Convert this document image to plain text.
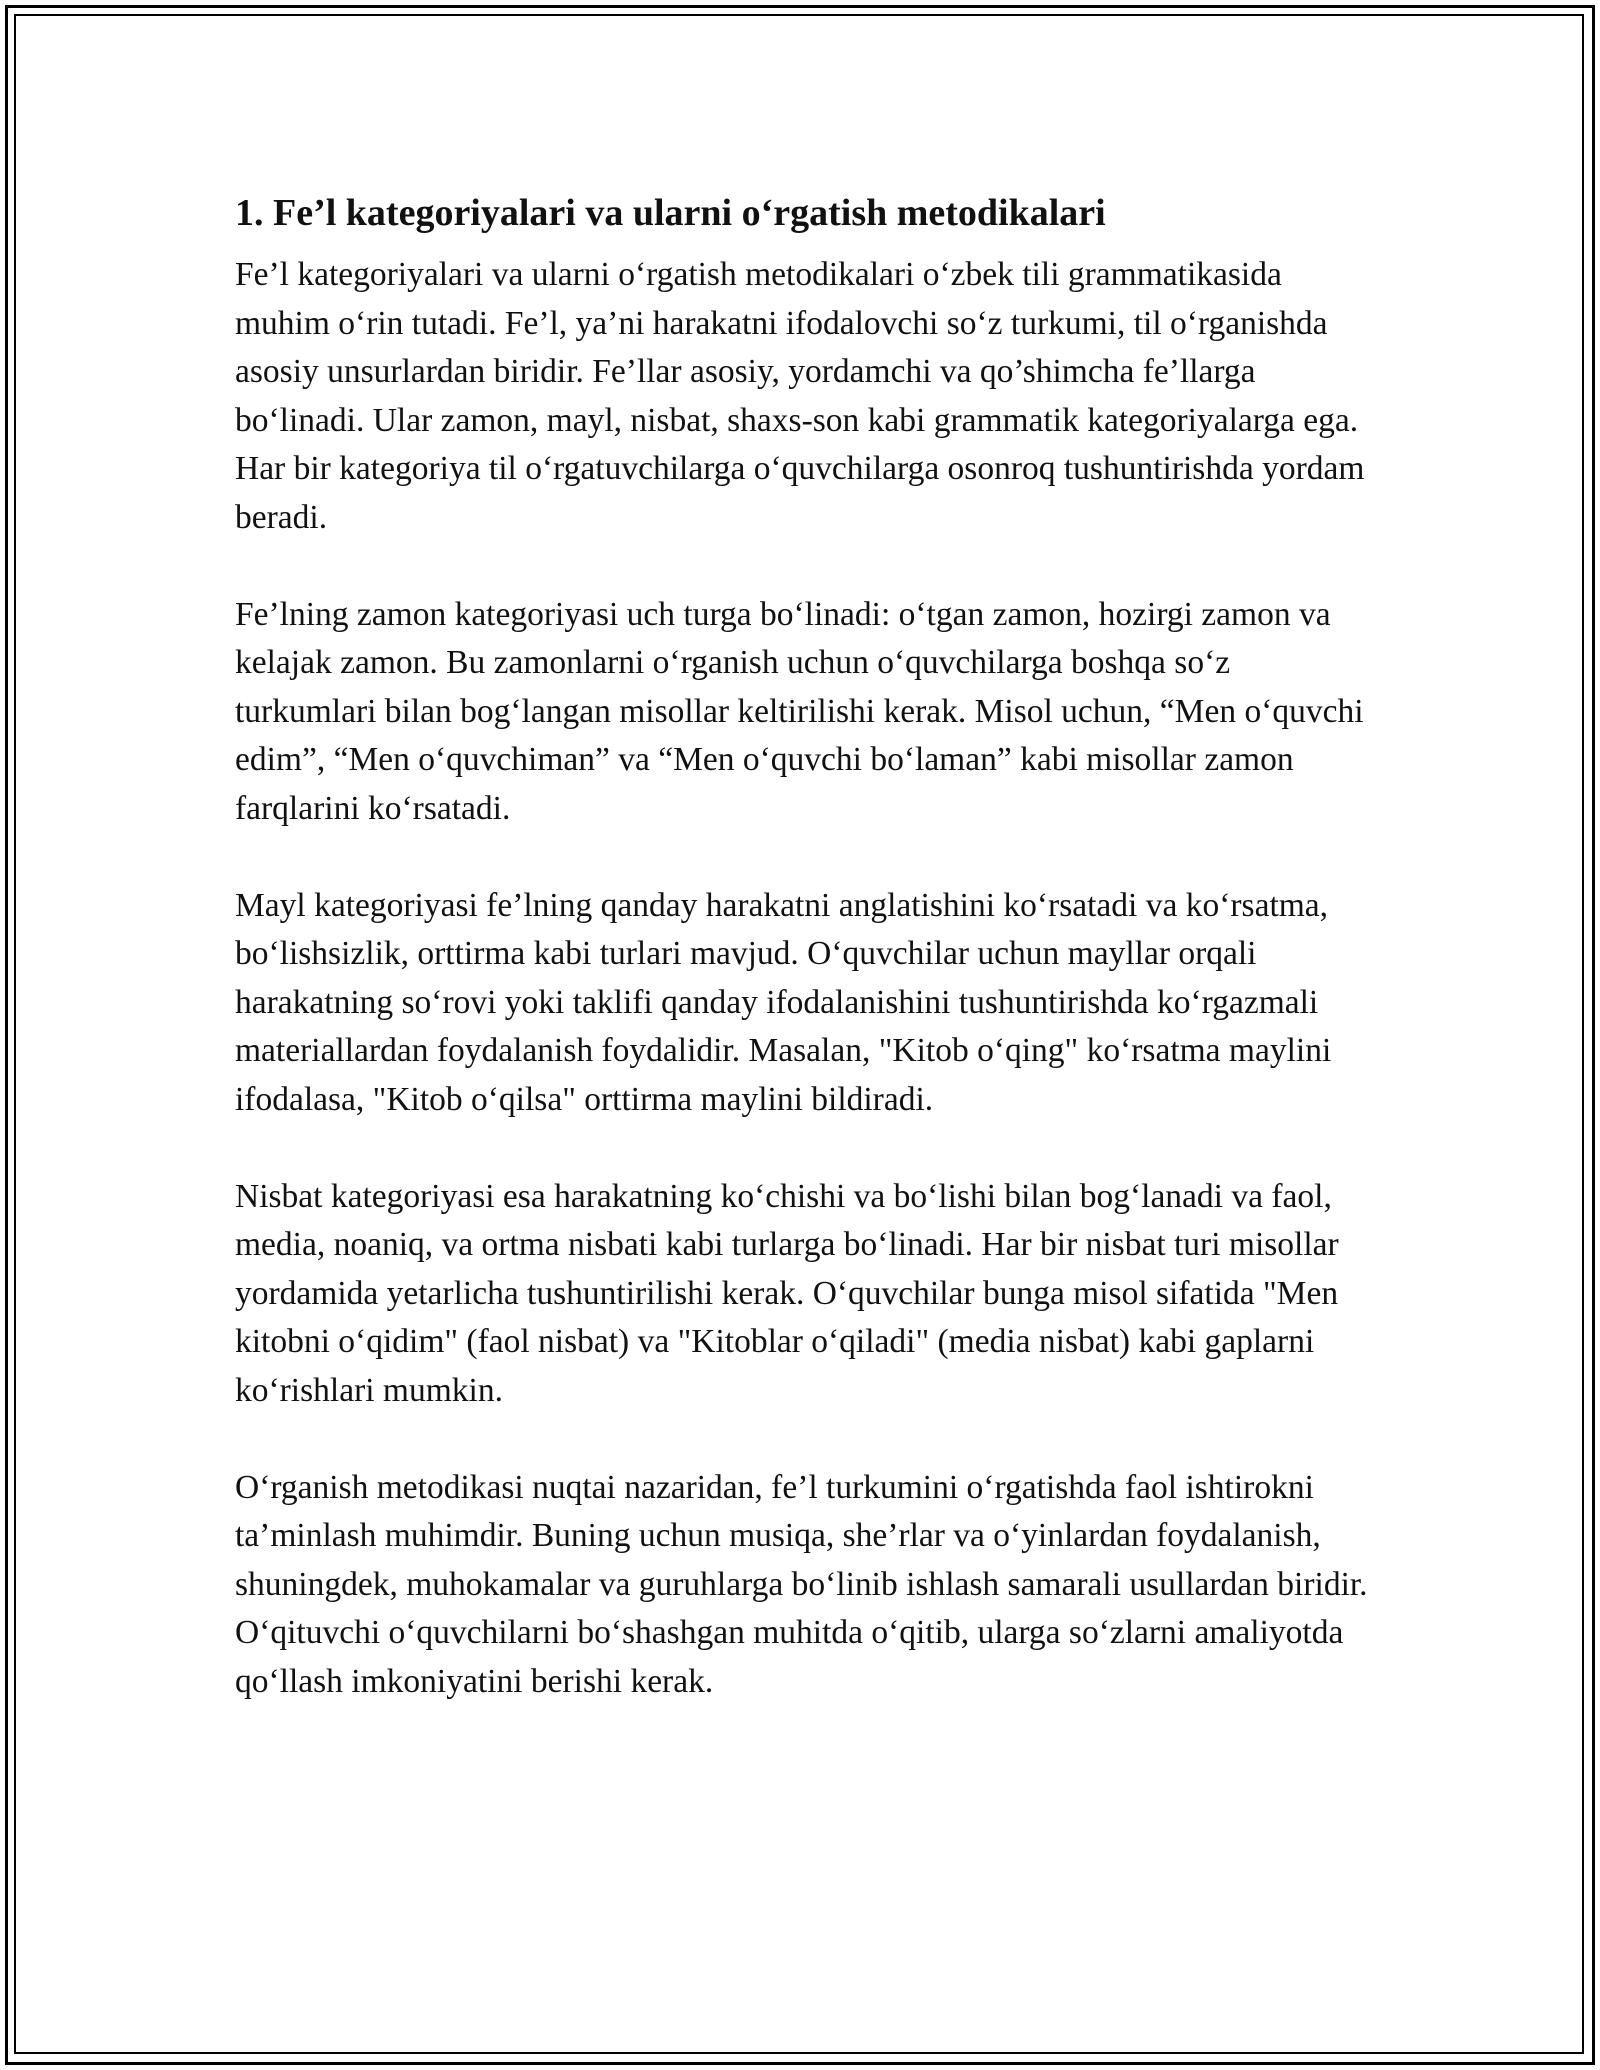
1. Fe’l kategoriyalari va ularni o‘rgatish metodikalari

Fe’l kategoriyalari va ularni o‘rgatish metodikalari o‘zbek tili grammatikasida muhim o‘rin tutadi. Fe’l, ya’ni harakatni ifodalovchi so‘z turkumi, til o‘rganishda asosiy unsurlardan biridir. Fe’llar asosiy, yordamchi va qo’shimcha fe’llarga bo‘linadi. Ular zamon, mayl, nisbat, shaxs-son kabi grammatik kategoriyalarga ega. Har bir kategoriya til o‘rgatuvchilarga o‘quvchilarga osonroq tushuntirishda yordam beradi.

Fe’lning zamon kategoriyasi uch turga bo‘linadi: o‘tgan zamon, hozirgi zamon va kelajak zamon. Bu zamonlarni o‘rganish uchun o‘quvchilarga boshqa so‘z turkumlari bilan bog‘langan misollar keltirilishi kerak. Misol uchun, “Men o‘quvchi edim”, “Men o‘quvchiman” va “Men o‘quvchi bo‘laman” kabi misollar zamon farqlarini ko‘rsatadi.

Mayl kategoriyasi fe’lning qanday harakatni anglatishini ko‘rsatadi va ko‘rsatma, bo‘lishsizlik, orttirma kabi turlari mavjud. O‘quvchilar uchun mayllar orqali harakatning so‘rovi yoki taklifi qanday ifodalanishini tushuntirishda ko‘rgazmali materiallardan foydalanish foydalidir. Masalan, "Kitob o‘qing" ko‘rsatma maylini ifodalasa, "Kitob o‘qilsa" orttirma maylini bildiradi.

Nisbat kategoriyasi esa harakatning ko‘chishi va bo‘lishi bilan bog‘lanadi va faol, media, noaniq, va ortma nisbati kabi turlarga bo‘linadi. Har bir nisbat turi misollar yordamida yetarlicha tushuntirilishi kerak. O‘quvchilar bunga misol sifatida "Men kitobni o‘qidim" (faol nisbat) va "Kitoblar o‘qiladi" (media nisbat) kabi gaplarni ko‘rishlari mumkin.

O‘rganish metodikasi nuqtai nazaridan, fe’l turkumini o‘rgatishda faol ishtirokni ta’minlash muhimdir. Buning uchun musiqa, she’rlar va o‘yinlardan foydalanish, shuningdek, muhokamalar va guruhlarga bo‘linib ishlash samarali usullardan biridir. O‘qituvchi o‘quvchilarni bo‘shashgan muhitda o‘qitib, ularga so‘zlarni amaliyotda qo‘llash imkoniyatini berishi kerak.
